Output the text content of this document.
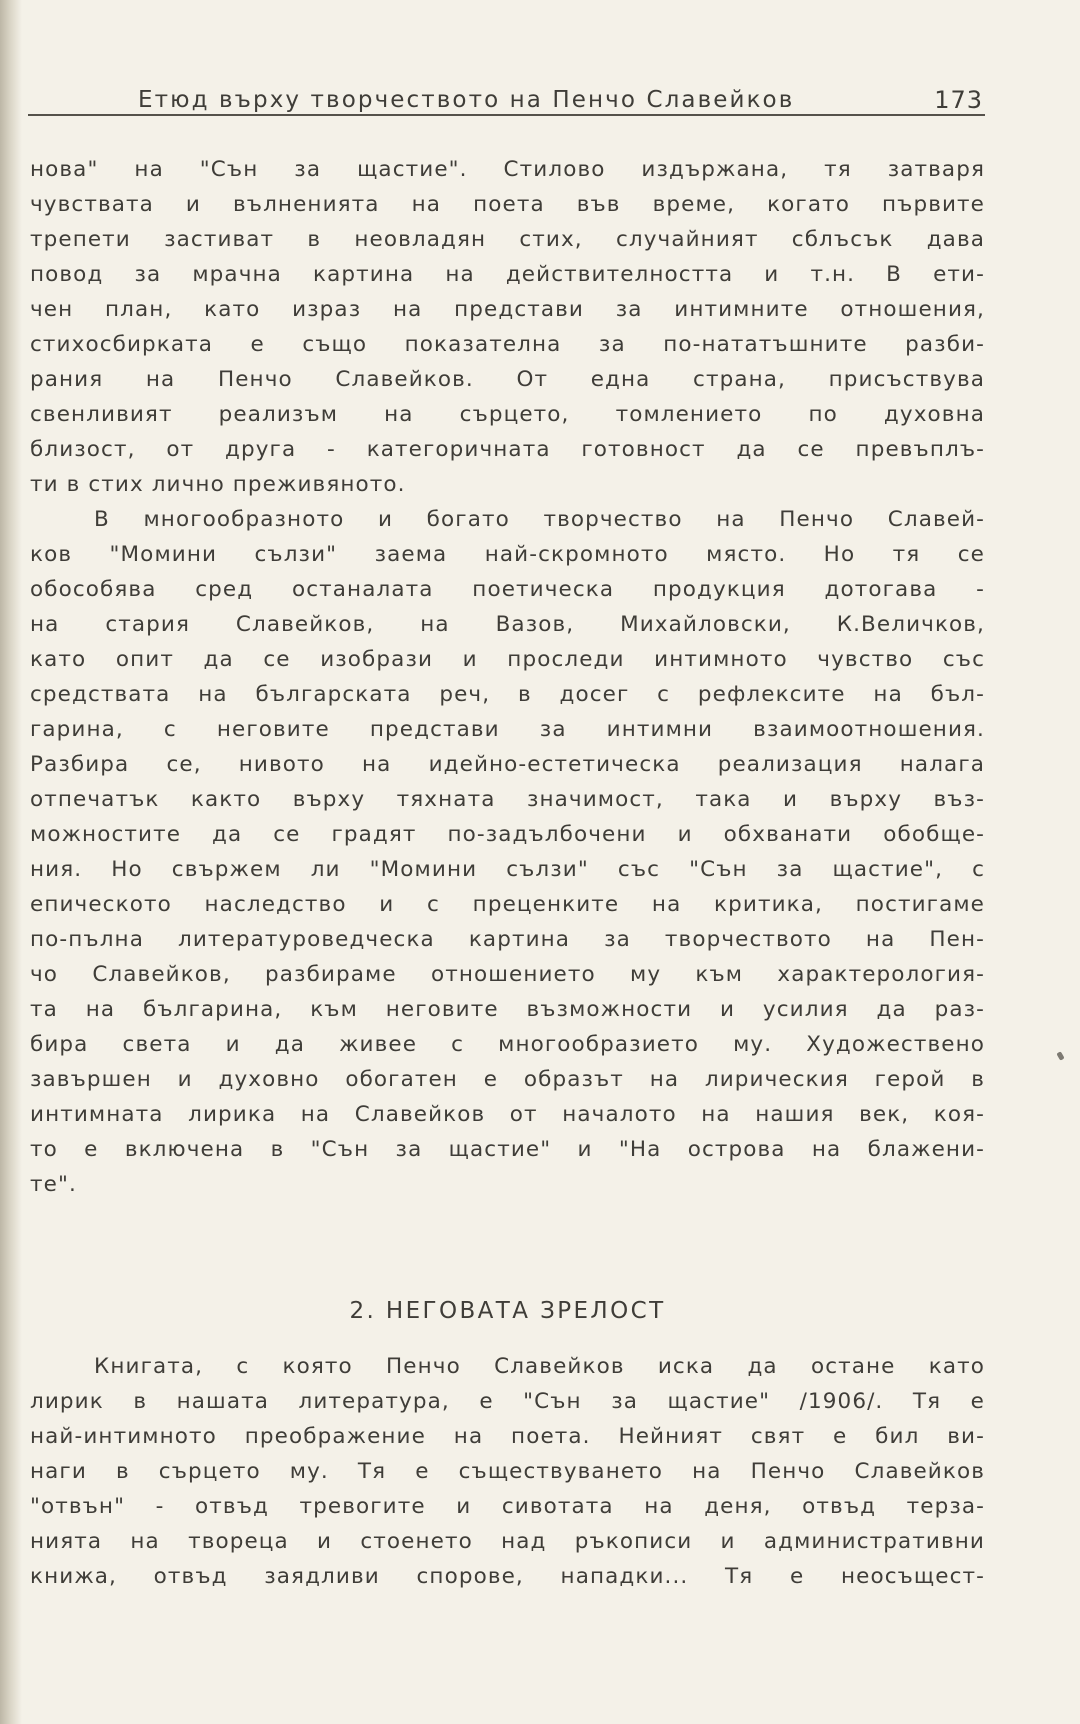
Етюд върху творчеството на Пенчо Славейков	173
нова" на "Сън за щастие". Стилово издържана, тя затваря
чувствата и вълненията на поета във време, когато първите
трепети застиват в неовладян стих, случайният сблъсък дава
повод за мрачна картина на действителността и т.н. В ети-
чен план, като израз на представи за интимните отношения,
стихосбирката е също показателна за по-нататъшните разби-
рания на Пенчо Славейков. От една страна, присъствува
свенливият реализъм на сърцето, томлението по духовна
близост, от друга - категоричната готовност да се превъплъ-
ти в стих лично преживяното.
В многообразното и богато творчество на Пенчо Славей-
ков "Момини сълзи" заема най-скромното място. Но тя се
обособява сред останалата поетическа продукция дотогава -
на стария Славейков, на Вазов, Михайловски, К.Величков,
като опит да се изобрази и проследи интимното чувство със
средствата на българската реч, в досег с рефлексите на бъл-
гарина, с неговите представи за интимни взаимоотношения.
Разбира се, нивото на идейно-естетическа реализация налага
отпечатък както върху тяхната значимост, така и върху въз-
можностите да се градят по-задълбочени и обхванати обобще-
ния. Но свържем ли "Момини сълзи" със "Сън за щастие", с
епическото наследство и с преценките на критика, постигаме
по-пълна литературоведческа картина за творчеството на Пен-
чо Славейков, разбираме отношението му към характерология-
та на българина, към неговите възможности и усилия да раз-
бира света и да живее с многообразието му. Художествено
завършен и духовно обогатен е образът на лирическия герой в
интимната лирика на Славейков от началото на нашия век, коя-
то е включена в "Сън за щастие" и "На острова на блажени-
те".
2. НЕГОВАТА ЗРЕЛОСТ
Книгата, с която Пенчо Славейков иска да остане като
лирик в нашата литература, е "Сън за щастие" /1906/. Тя е
най-интимното преображение на поета. Нейният свят е бил ви-
наги в сърцето му. Тя е съществуването на Пенчо Славейков
"отвън" - отвъд тревогите и сивотата на деня, отвъд терза-
нията на твореца и стоенето над ръкописи и административни
книжа, отвъд заядливи спорове, нападки... Тя е неосъщест-
